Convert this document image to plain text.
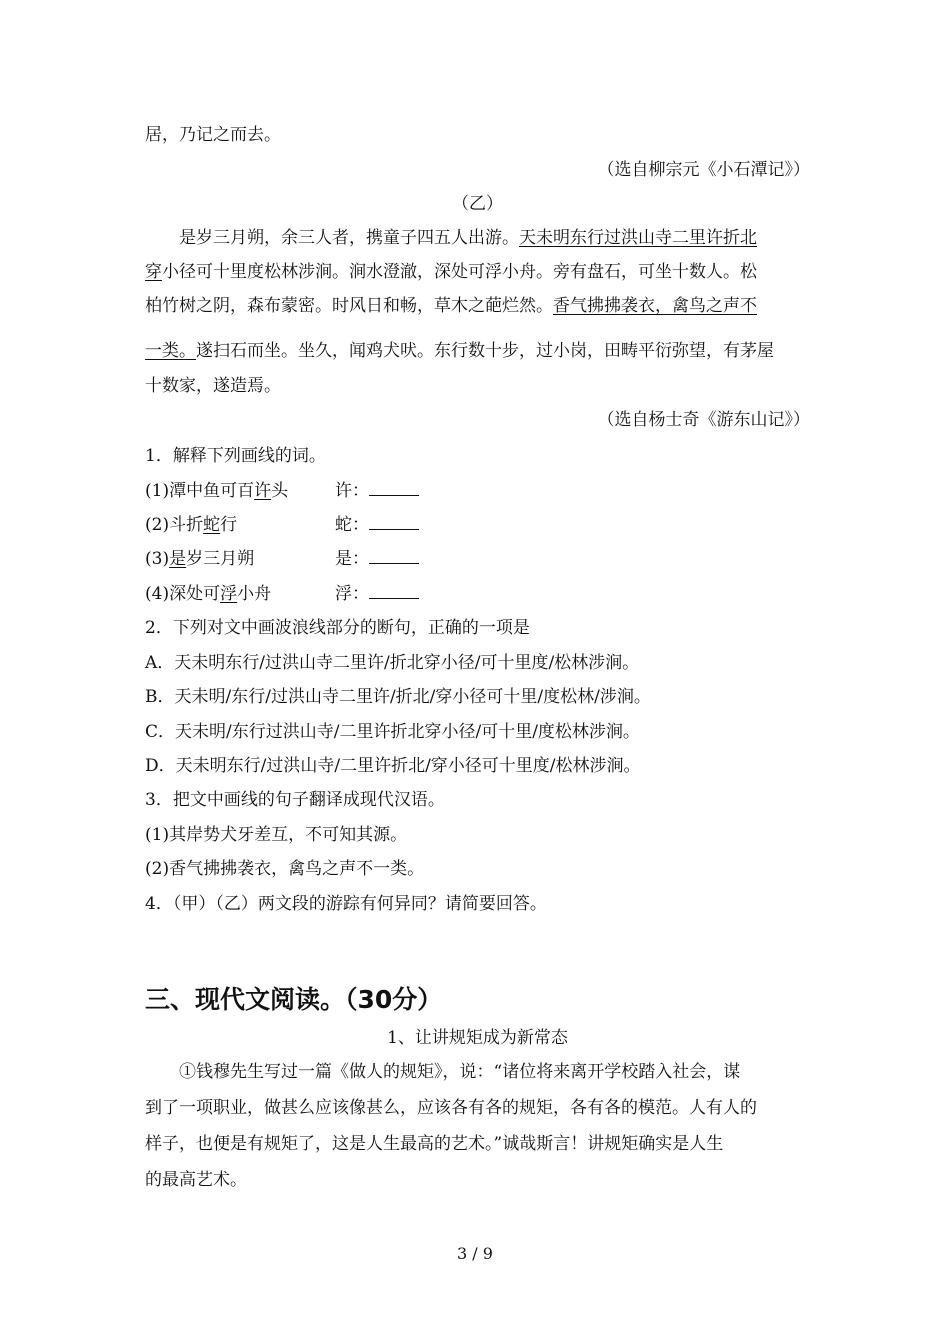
居，乃记之而去。
（选自柳宗元《小石潭记》）
（乙）
是岁三月朔，余三人者，携童子四五人出游。天未明东行过洪山寺二里许折北
穿小径可十里度松林涉涧。涧水澄澈，深处可浮小舟。旁有盘石，可坐十数人。松
柏竹树之阴，森布蒙密。时风日和畅，草木之葩烂然。香气拂拂袭衣，禽鸟之声不
一类。遂扫石而坐。坐久，闻鸡犬吠。东行数十步，过小岗，田畴平衍弥望，有茅屋
十数家，遂造焉。
（选自杨士奇《游东山记》）
1．解释下列画线的词。
(1)潭中鱼可百许头	许：
(2)斗折蛇行	蛇：
(3)是岁三月朔	是：
(4)深处可浮小舟	浮：
2．下列对文中画波浪线部分的断句，正确的一项是
A．天未明东行/过洪山寺二里许/折北穿小径/可十里度/松林涉涧。
B．天未明/东行/过洪山寺二里许/折北/穿小径可十里/度松林/涉涧。
C．天未明/东行过洪山寺/二里许折北穿小径/可十里/度松林涉涧。
D．天未明东行/过洪山寺/二里许折北/穿小径可十里度/松林涉涧。
3．把文中画线的句子翻译成现代汉语。
(1)其岸势犬牙差互，不可知其源。
(2)香气拂拂袭衣，禽鸟之声不一类。
4．（甲）（乙）两文段的游踪有何异同？请简要回答。
三、现代文阅读。（30分）
1、让讲规矩成为新常态
①钱穆先生写过一篇《做人的规矩》，说：“诸位将来离开学校踏入社会，谋
到了一项职业，做甚么应该像甚么，应该各有各的规矩，各有各的模范。人有人的
样子，也便是有规矩了，这是人生最高的艺术。”诚哉斯言！讲规矩确实是人生
的最高艺术。
3 / 9
